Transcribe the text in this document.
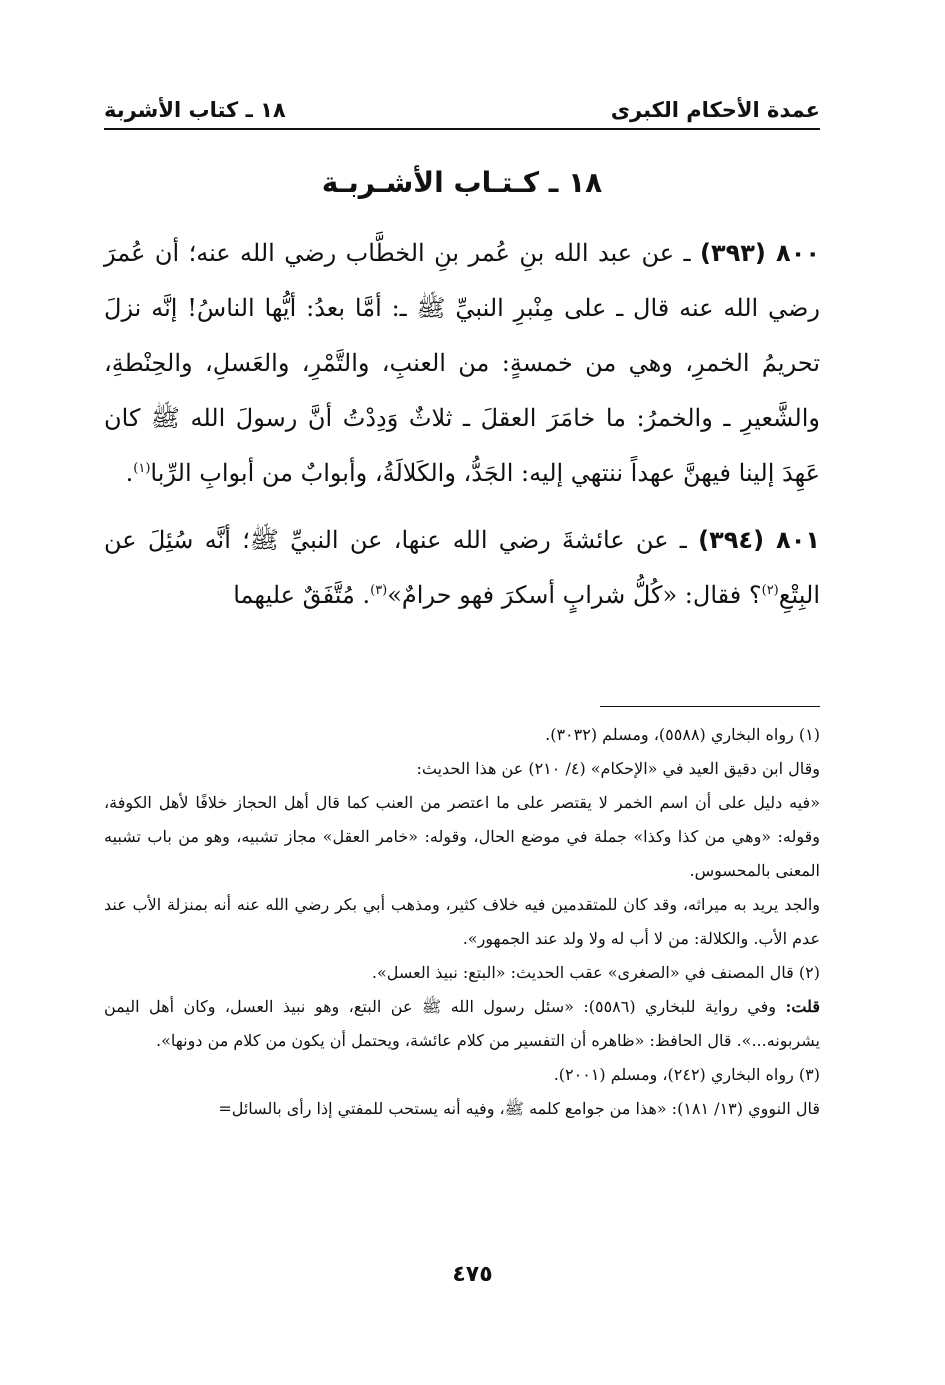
عمدة الأحكام الكبرى
١٨ ـ كتاب الأشربة
١٨ ـ كـتـاب الأشـربـة

٨٠٠ (٣٩٣) ـ عن عبد الله بنِ عُمر بنِ الخطَّاب رضي الله عنه؛ أن عُمرَ رضي الله عنه قال ـ على مِنْبرِ النبيِّ ﷺ ـ: أمَّا بعدُ: أيُّها الناسُ! إنَّه نزلَ تحريمُ الخمرِ، وهي من خمسةٍ: من العنبِ، والتَّمْرِ، والعَسلِ، والحِنْطةِ، والشَّعيرِ ـ والخمرُ: ما خامَرَ العقلَ ـ ثلاثٌ وَدِدْتُ أنَّ رسولَ الله ﷺ كان عَهِدَ إلينا فيهنَّ عهداً ننتهي إليه: الجَدُّ، والكَلالَةُ، وأبوابٌ من أبوابِ الرِّبا$^{(١)}$.

٨٠١ (٣٩٤) ـ عن عائشةَ رضي الله عنها، عن النبيِّ ﷺ؛ أنَّه سُئِلَ عن البِتْعِ$^{(٢)}$؟ فقال: «كُلُّ شرابٍ أسكرَ فهو حرامٌ»$^{(٣)}$. مُتَّفَقٌ عليهما

(١) رواه البخاري (٥٥٨٨)، ومسلم (٣٠٣٢).

وقال ابن دقيق العيد في «الإحكام» (٤/ ٢١٠) عن هذا الحديث:

«فيه دليل على أن اسم الخمر لا يقتصر على ما اعتصر من العنب كما قال أهل الحجاز خلافًا لأهل الكوفة، وقوله: «وهي من كذا وكذا» جملة في موضع الحال، وقوله: «خامر العقل» مجاز تشبيه، وهو من باب تشبيه المعنى بالمحسوس.

والجد يريد به ميراثه، وقد كان للمتقدمين فيه خلاف كثير، ومذهب أبي بكر رضي الله عنه أنه بمنزلة الأب عند عدم الأب. والكلالة: من لا أب له ولا ولد عند الجمهور».

(٢) قال المصنف في «الصغرى» عقب الحديث: «البتع: نبيذ العسل».

قلت: وفي رواية للبخاري (٥٥٨٦): «سئل رسول الله ﷺ عن البتع، وهو نبيذ العسل، وكان أهل اليمن يشربونه...». قال الحافظ: «ظاهره أن التفسير من كلام عائشة، ويحتمل أن يكون من كلام من دونها».

(٣) رواه البخاري (٢٤٢)، ومسلم (٢٠٠١).

قال النووي (١٣/ ١٨١): «هذا من جوامع كلمه ﷺ، وفيه أنه يستحب للمفتي إذا رأى بالسائل=

٤٧٥
